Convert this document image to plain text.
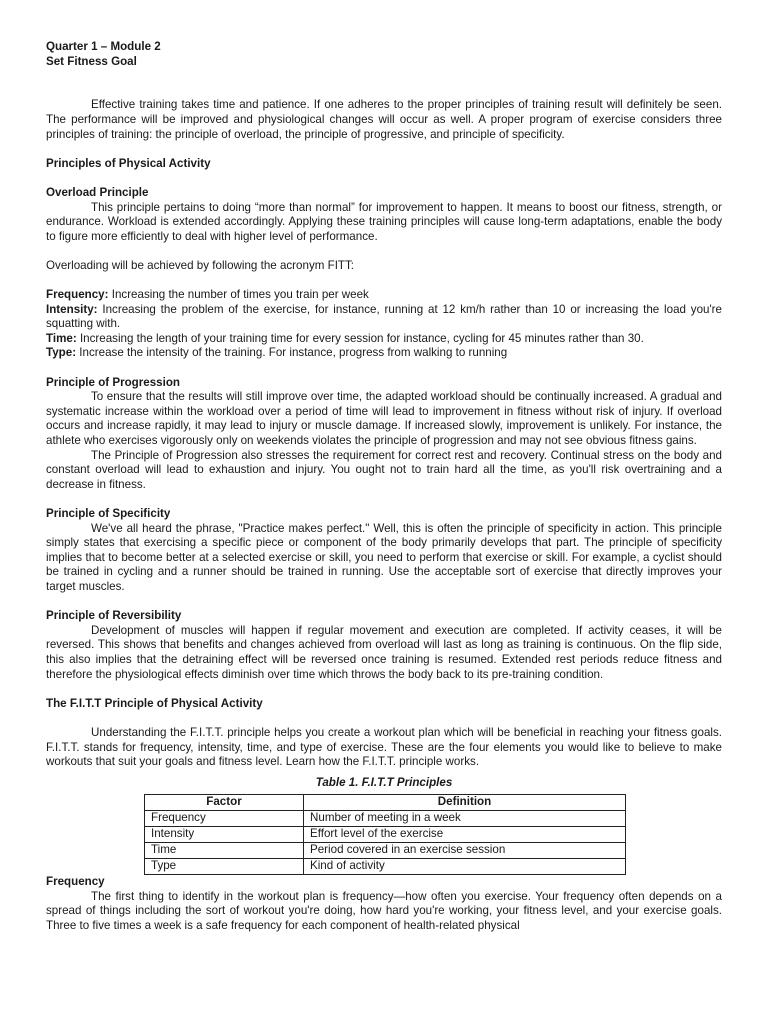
Quarter 1 – Module 2
Set Fitness Goal

Effective training takes time and patience. If one adheres to the proper principles of training result will definitely be seen. The performance will be improved and physiological changes will occur as well. A proper program of exercise considers three principles of training: the principle of overload, the principle of progressive, and principle of specificity.

Principles of Physical Activity
Overload Principle

This principle pertains to doing “more than normal” for improvement to happen. It means to boost our fitness, strength, or endurance. Workload is extended accordingly. Applying these training principles will cause long-term adaptations, enable the body to figure more efficiently to deal with higher level of performance.

Overloading will be achieved by following the acronym FITT:

Frequency: Increasing the number of times you train per week

Intensity: Increasing the problem of the exercise, for instance, running at 12 km/h rather than 10 or increasing the load you're squatting with.

Time: Increasing the length of your training time for every session for instance, cycling for 45 minutes rather than 30.

Type: Increase the intensity of the training. For instance, progress from walking to running

Principle of Progression

To ensure that the results will still improve over time, the adapted workload should be continually increased. A gradual and systematic increase within the workload over a period of time will lead to improvement in fitness without risk of injury. If overload occurs and increase rapidly, it may lead to injury or muscle damage. If increased slowly, improvement is unlikely. For instance, the athlete who exercises vigorously only on weekends violates the principle of progression and may not see obvious fitness gains.

The Principle of Progression also stresses the requirement for correct rest and recovery. Continual stress on the body and constant overload will lead to exhaustion and injury. You ought not to train hard all the time, as you'll risk overtraining and a decrease in fitness.

Principle of Specificity

We've all heard the phrase, "Practice makes perfect." Well, this is often the principle of specificity in action. This principle simply states that exercising a specific piece or component of the body primarily develops that part. The principle of specificity implies that to become better at a selected exercise or skill, you need to perform that exercise or skill. For example, a cyclist should be trained in cycling and a runner should be trained in running. Use the acceptable sort of exercise that directly improves your target muscles.

Principle of Reversibility

Development of muscles will happen if regular movement and execution are completed. If activity ceases, it will be reversed. This shows that benefits and changes achieved from overload will last as long as training is continuous. On the flip side, this also implies that the detraining effect will be reversed once training is resumed. Extended rest periods reduce fitness and therefore the physiological effects diminish over time which throws the body back to its pre-training condition.

The F.I.T.T Principle of Physical Activity

Understanding the F.I.T.T. principle helps you create a workout plan which will be beneficial in reaching your fitness goals. F.I.T.T. stands for frequency, intensity, time, and type of exercise. These are the four elements you would like to believe to make workouts that suit your goals and fitness level. Learn how the F.I.T.T. principle works.

Table 1. F.I.T.T Principles
Factor	Definition
Frequency	Number of meeting in a week
Intensity	Effort level of the exercise
Time	Period covered in an exercise session
Type	Kind of activity
Frequency

The first thing to identify in the workout plan is frequency—how often you exercise. Your frequency often depends on a spread of things including the sort of workout you're doing, how hard you're working, your fitness level, and your exercise goals. Three to five times a week is a safe frequency for each component of health-related physical
